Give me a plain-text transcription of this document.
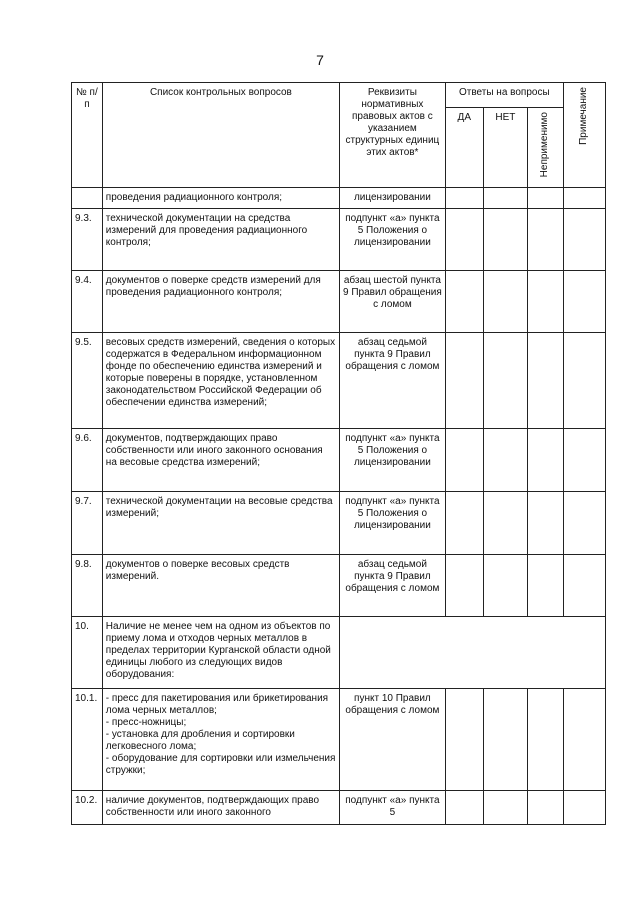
7
№ п/п	Список контрольных вопросов	Реквизиты нормативных правовых актов с указанием структурных единиц этих актов*	Ответы на вопросы			Примечание

			ДА	НЕТ	Неприменимо	

	проведения радиационного контроля;	лицензировании				
9.3.	технической документации на средства измерений для проведения радиационного контроля;	подпункт «а» пункта 5 Положения о лицензировании				
9.4.	документов о поверке средств измерений для проведения радиационного контроля;	абзац шестой пункта 9 Правил обращения с ломом				
9.5.	весовых средств измерений, сведения о которых содержатся в Федеральном информационном фонде по обеспечению единства измерений и которые поверены в порядке, установленном законодательством Российской Федерации об обеспечении единства измерений;	абзац седьмой пункта 9 Правил обращения с ломом				
9.6.	документов, подтверждающих право собственности или иного законного основания на весовые средства измерений;	подпункт «а» пункта 5 Положения о лицензировании				
9.7.	технической документации на весовые средства измерений;	подпункт «а» пункта 5 Положения о лицензировании				
9.8.	документов о поверке весовых средств измерений.	абзац седьмой пункта 9 Правил обращения с ломом				
10.	Наличие не менее чем на одном из объектов по приему лома и отходов черных металлов в пределах территории Курганской области одной единицы любого из следующих видов оборудования:					
10.1.	- пресс для пакетирования или брикетирования лома черных металлов;
- пресс-ножницы;
- установка для дробления и сортировки легковесного лома;
- оборудование для сортировки или измельчения стружки;	пункт 10 Правил обращения с ломом				
10.2.	наличие документов, подтверждающих право собственности или иного законного	подпункт «а» пункта 5				
